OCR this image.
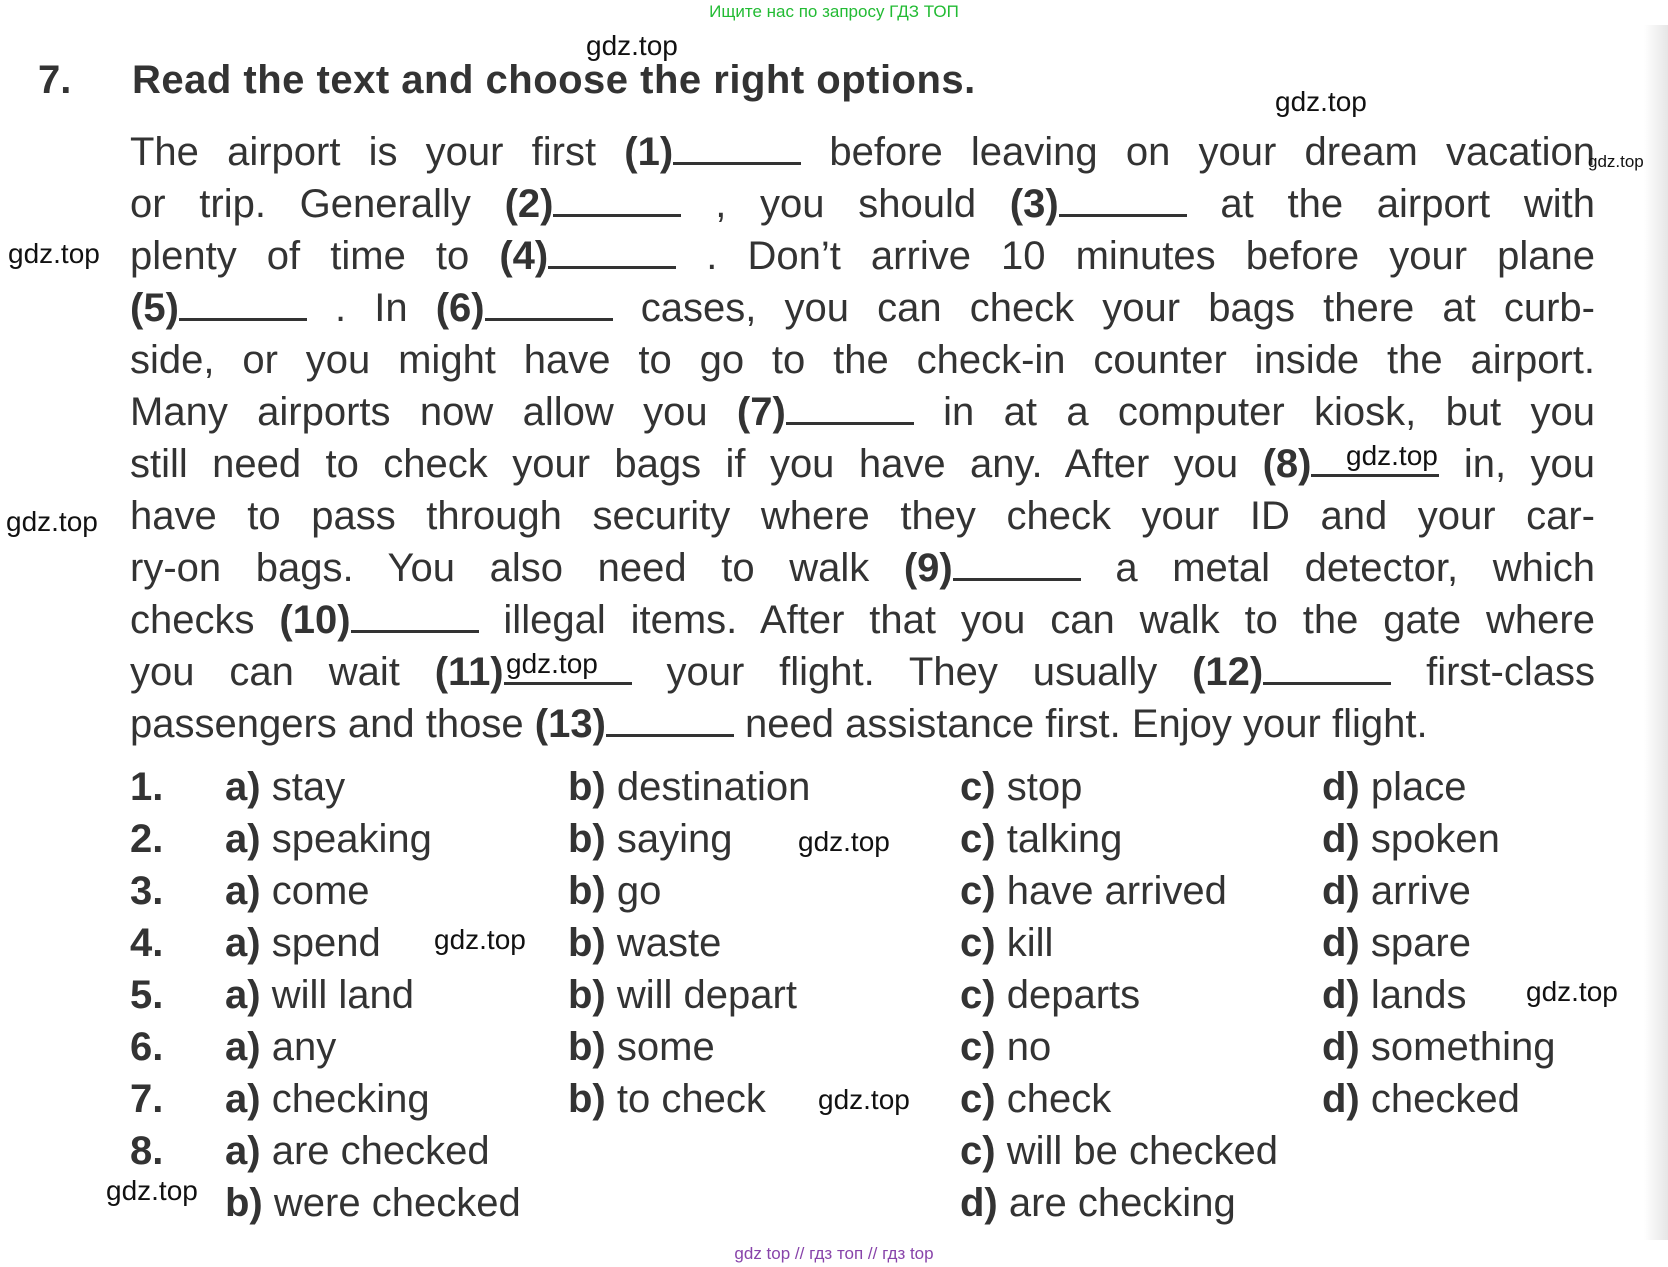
Ищите нас по запросу ГДЗ ТОП
7. Read the text and choose the right options.
The airport is your first (1)	before leaving on your dream vacation
or trip. Generally (2)	, you should (3)	at the airport with
plenty of time to (4)	. Don’t arrive 10 minutes before your plane
(5)	. In (6)	cases, you can check your bags there at curb-
side, or you might have to go to the check-in counter inside the airport.
Many airports now allow you (7)	in at a computer kiosk, but you
still need to check your bags if you have any. After you (8)	in, you
have to pass through security where they check your ID and your car-
ry-on bags. You also need to walk (9)	a metal detector, which
checks (10)	illegal items. After that you can walk to the gate where
you can wait (11)	your flight. They usually (12)	first-class
passengers and those (13)	need assistance first. Enjoy your flight.
1. a) stay	b) destination	c) stop	d) place
2. a) speaking	b) saying	c) talking	d) spoken
3. a) come	b) go	c) have arrived d) arrive
4. a) spend	b) waste	c) kill	d) spare
5. a) will land	b) will depart	c) departs	d) lands
6. a) any	b) some	c) no	d) something
7. a) checking	b) to check	c) check	d) checked
8. a) are checked	c) will be checked
b) were checked	d) are checking
gdz.top
gdz.top
gdz.top
gdz.top
gdz.top
gdz.top
gdz.top
gdz.top
gdz.top
gdz.top
gdz.top
gdz.top
gdz top // гдз топ // гдз top
